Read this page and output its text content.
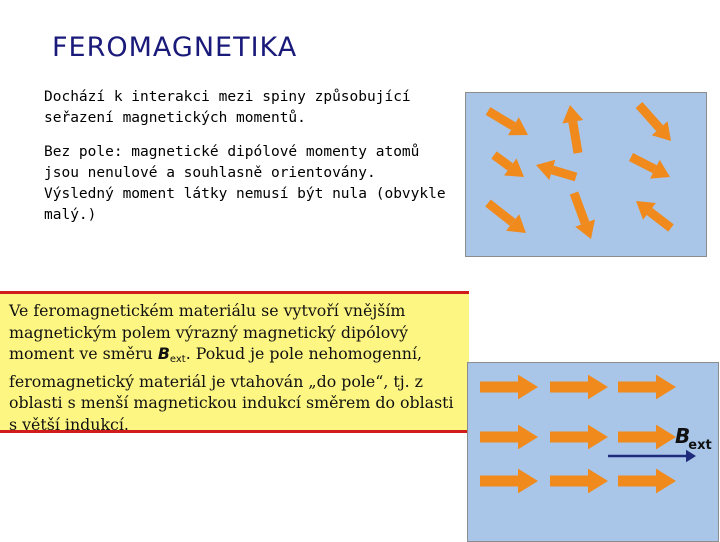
FEROMAGNETIKA

Dochází k interakci mezi spiny způsobující seřazení magnetických momentů.

Bez pole: magnetické dipólové momenty atomů jsou nenulové a souhlasně orientovány. Výsledný moment látky nemusí být nula (obvykle malý.)

Ve feromagnetickém materiálu se vytvoří vnějším magnetickým polem výrazný magnetický dipólový moment ve směru Bext. Pokud je pole nehomogenní, feromagnetický materiál je vtahován „do pole“, tj. z oblasti s menší magnetickou indukcí směrem do oblasti s větší indukcí.	$B_{ext}$
